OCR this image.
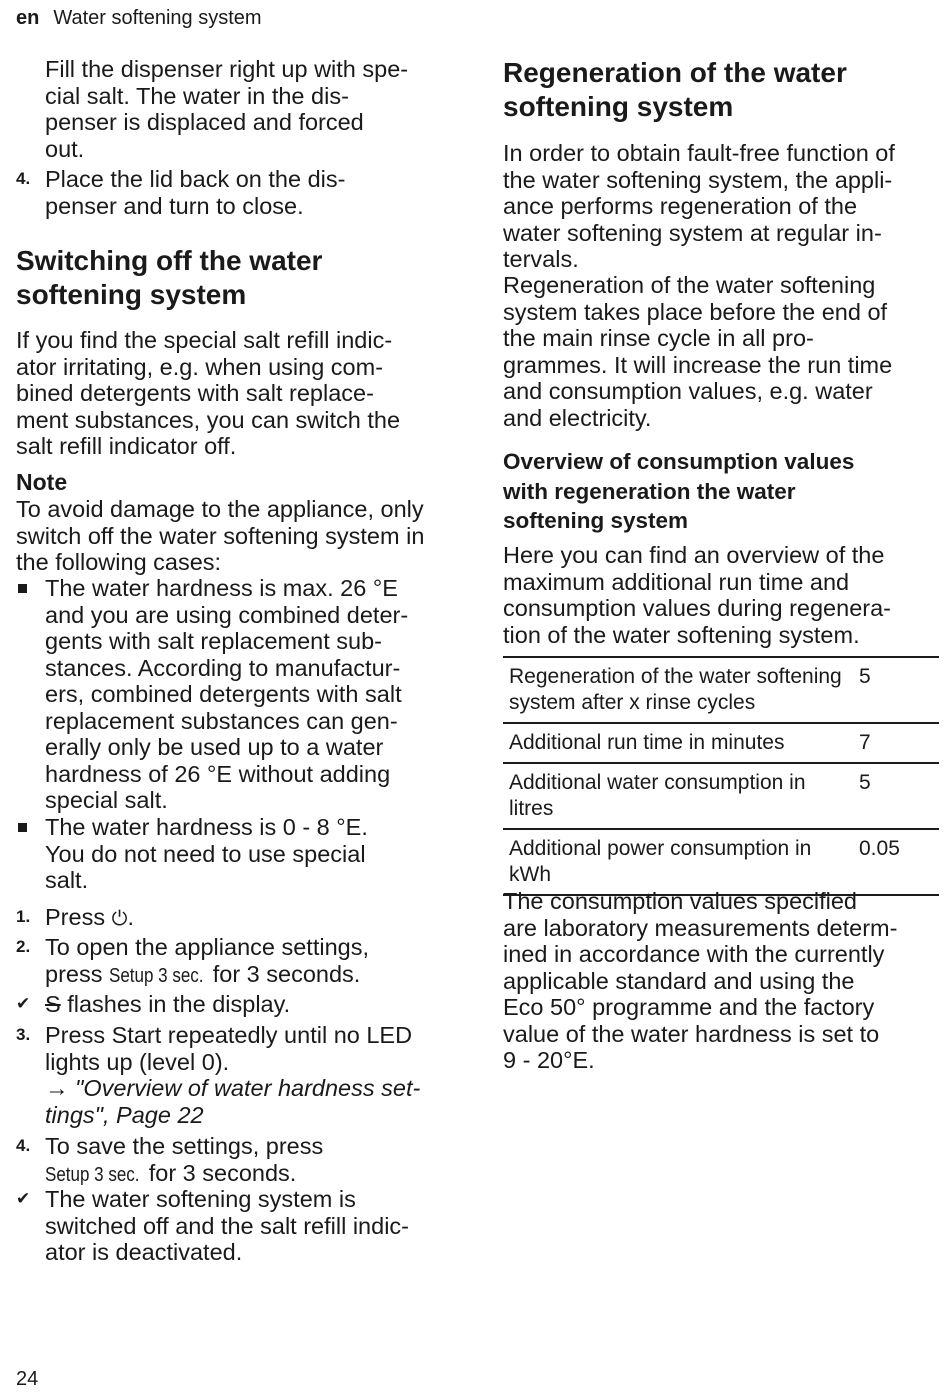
en Water softening system

Fill the dispenser right up with spe-
cial salt. The water in the dis-
penser is displaced and forced
out.

4. Place the lid back on the dis-
penser and turn to close.
Switching off the water
softening system

If you find the special salt refill indic-
ator irritating, e.g. when using com-
bined detergents with salt replace-
ment substances, you can switch the
salt refill indicator off.

Note

To avoid damage to the appliance, only
switch off the water softening system in
the following cases:

The water hardness is max. 26 °E
and you are using combined deter-
gents with salt replacement sub-
stances. According to manufactur-
ers, combined detergents with salt
replacement substances can gen-
erally only be used up to a water
hardness of 26 °E without adding
special salt.
The water hardness is 0 - 8 °E.
You do not need to use special
salt.
1. Press ⏻.
2. To open the appliance settings,
press Setup 3 sec. for 3 seconds.
✔ S flashes in the display.
3. Press Start repeatedly until no LED
lights up (level 0).
→ "Overview of water hardness set-
tings", Page 22
4. To save the settings, press
Setup 3 sec. for 3 seconds.
✔ The water softening system is
switched off and the salt refill indic-
ator is deactivated.
Regeneration of the water
softening system

In order to obtain fault-free function of
the water softening system, the appli-
ance performs regeneration of the
water softening system at regular in-
tervals.

Regeneration of the water softening
system takes place before the end of
the main rinse cycle in all pro-
grammes. It will increase the run time
and consumption values, e.g. water
and electricity.

Overview of consumption values
with regeneration the water
softening system

Here you can find an overview of the
maximum additional run time and
consumption values during regenera-
tion of the water softening system.

Regeneration of the water softening
system after x rinse cycles	5
Additional run time in minutes	7
Additional water consumption in
litres	5
Additional power consumption in
kWh	0.05

The consumption values specified
are laboratory measurements determ-
ined in accordance with the currently
applicable standard and using the
Eco 50° programme and the factory
value of the water hardness is set to
9 - 20°E.

24
